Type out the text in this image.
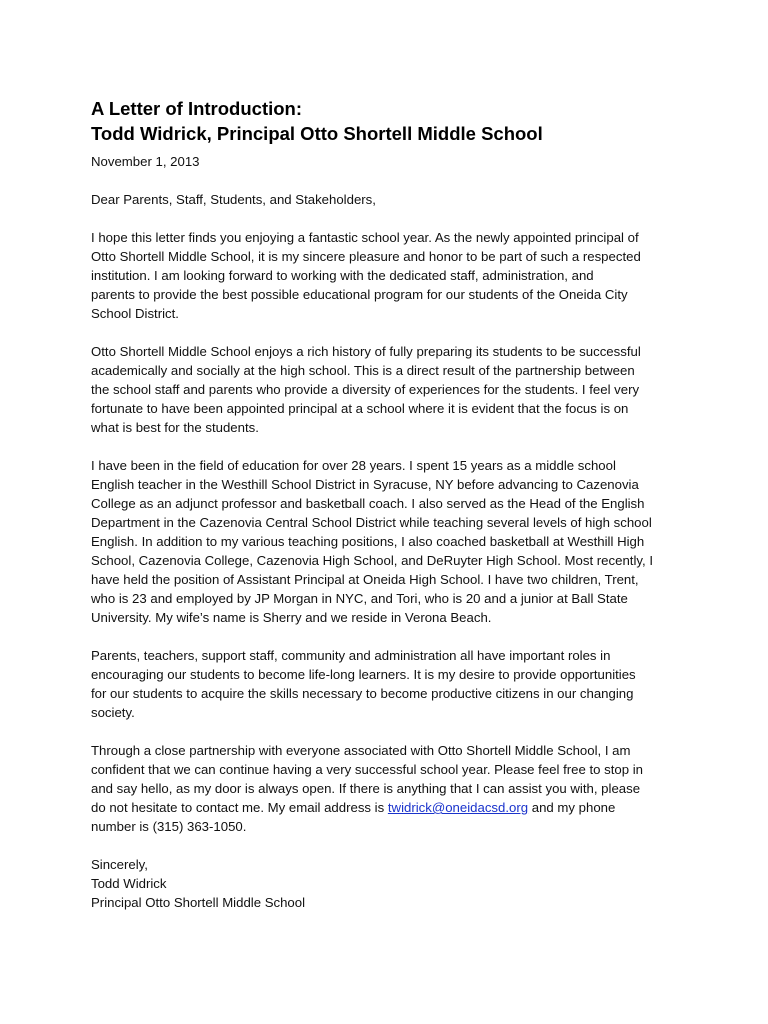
A Letter of Introduction:
Todd Widrick, Principal Otto Shortell Middle School
November 1, 2013
Dear Parents, Staff, Students, and Stakeholders,
I hope this letter finds you enjoying a fantastic school year. As the newly appointed principal of
Otto Shortell Middle School, it is my sincere pleasure and honor to be part of such a respected
institution. I am looking forward to working with the dedicated staff, administration, and
parents to provide the best possible educational program for our students of the Oneida City
School District.
Otto Shortell Middle School enjoys a rich history of fully preparing its students to be successful
academically and socially at the high school. This is a direct result of the partnership between
the school staff and parents who provide a diversity of experiences for the students. I feel very
fortunate to have been appointed principal at a school where it is evident that the focus is on
what is best for the students.
I have been in the field of education for over 28 years. I spent 15 years as a middle school
English teacher in the Westhill School District in Syracuse, NY before advancing to Cazenovia
College as an adjunct professor and basketball coach. I also served as the Head of the English
Department in the Cazenovia Central School District while teaching several levels of high school
English. In addition to my various teaching positions, I also coached basketball at Westhill High
School, Cazenovia College, Cazenovia High School, and DeRuyter High School. Most recently, I
have held the position of Assistant Principal at Oneida High School. I have two children, Trent,
who is 23 and employed by JP Morgan in NYC, and Tori, who is 20 and a junior at Ball State
University. My wife’s name is Sherry and we reside in Verona Beach.
Parents, teachers, support staff, community and administration all have important roles in
encouraging our students to become life-long learners. It is my desire to provide opportunities
for our students to acquire the skills necessary to become productive citizens in our changing
society.
Through a close partnership with everyone associated with Otto Shortell Middle School, I am
confident that we can continue having a very successful school year. Please feel free to stop in
and say hello, as my door is always open. If there is anything that I can assist you with, please
do not hesitate to contact me. My email address is twidrick@oneidacsd.org and my phone
number is (315) 363-1050.
Sincerely,
Todd Widrick
Principal Otto Shortell Middle School
